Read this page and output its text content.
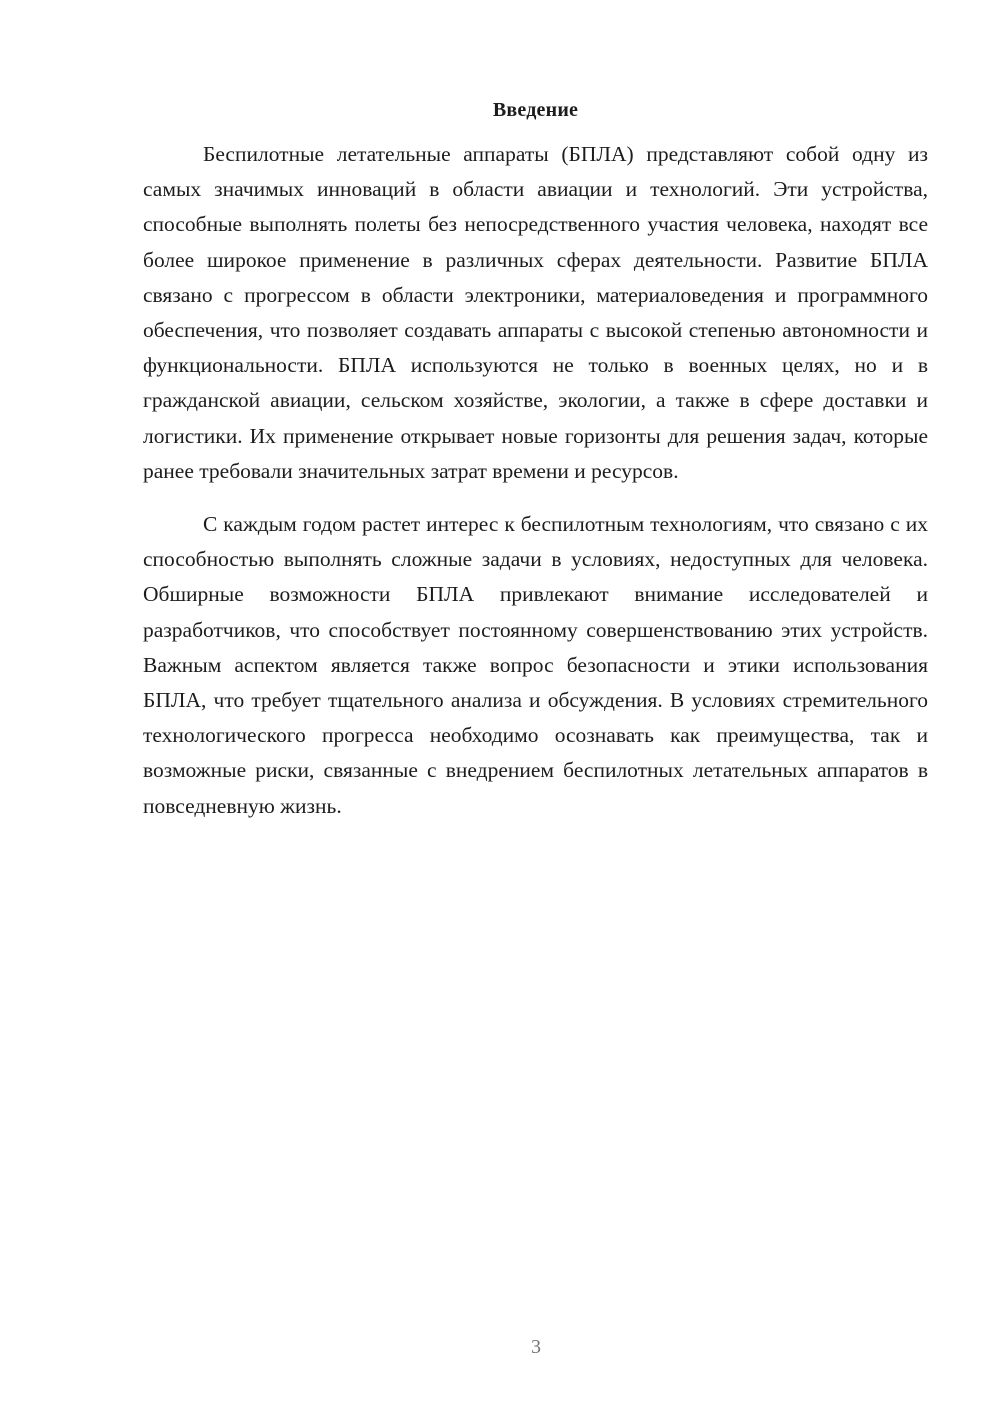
Введение

Беспилотные летательные аппараты (БПЛА) представляют собой одну из самых значимых инноваций в области авиации и технологий. Эти устройства, способные выполнять полеты без непосредственного участия человека, находят все более широкое применение в различных сферах деятельности. Развитие БПЛА связано с прогрессом в области электроники, материаловедения и программного обеспечения, что позволяет создавать аппараты с высокой степенью автономности и функциональности. БПЛА используются не только в военных целях, но и в гражданской авиации, сельском хозяйстве, экологии, а также в сфере доставки и логистики. Их применение открывает новые горизонты для решения задач, которые ранее требовали значительных затрат времени и ресурсов.

С каждым годом растет интерес к беспилотным технологиям, что связано с их способностью выполнять сложные задачи в условиях, недоступных для человека. Обширные возможности БПЛА привлекают внимание исследователей и разработчиков, что способствует постоянному совершенствованию этих устройств. Важным аспектом является также вопрос безопасности и этики использования БПЛА, что требует тщательного анализа и обсуждения. В условиях стремительного технологического прогресса необходимо осознавать как преимущества, так и возможные риски, связанные с внедрением беспилотных летательных аппаратов в повседневную жизнь.

3
